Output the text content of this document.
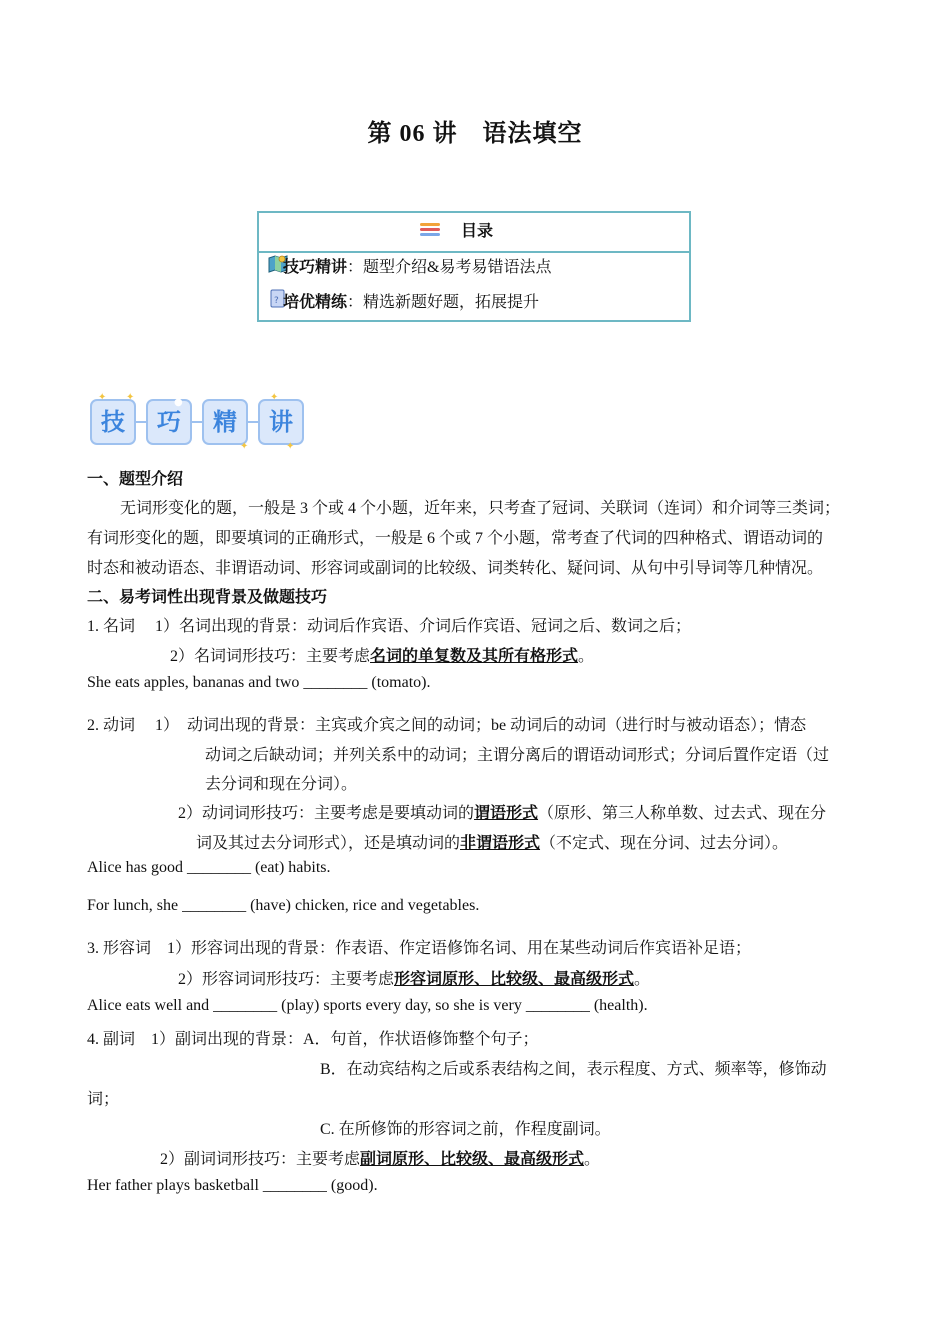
第 06 讲　语法填空
目录
技巧精讲：题型介绍&易考易错语法点
? 培优精练：精选新题好题，拓展提升
技	巧	精	讲
✦ ✦	●
✦
✦
✦
一、题型介绍
无词形变化的题，一般是 3 个或 4 个小题，近年来，只考查了冠词、关联词（连词）和介词等三类词；
有词形变化的题，即要填词的正确形式，一般是 6 个或 7 个小题，常考查了代词的四种格式、谓语动词的
时态和被动语态、非谓语动词、形容词或副词的比较级、词类转化、疑问词、从句中引导词等几种情况。
二、易考词性出现背景及做题技巧
1. 名词　 1）名词出现的背景：动词后作宾语、介词后作宾语、冠词之后、数词之后；
2）名词词形技巧：主要考虑名词的单复数及其所有格形式。
She eats apples, bananas and two ________ (tomato).
2. 动词　 1）　动词出现的背景：主宾或介宾之间的动词；be 动词后的动词（进行时与被动语态）；情态
动词之后缺动词；并列关系中的动词；主谓分离后的谓语动词形式；分词后置作定语（过
去分词和现在分词）。
2）动词词形技巧：主要考虑是要填动词的谓语形式（原形、第三人称单数、过去式、现在分
词及其过去分词形式），还是填动词的非谓语形式（不定式、现在分词、过去分词）。
Alice has good ________ (eat) habits.
For lunch, she ________ (have) chicken, rice and vegetables.
3. 形容词　1）形容词出现的背景：作表语、作定语修饰名词、用在某些动词后作宾语补足语；
2）形容词词形技巧：主要考虑形容词原形、比较级、最高级形式。
Alice eats well and ________ (play) sports every day, so she is very ________ (health).
4. 副词　1）副词出现的背景：A．句首，作状语修饰整个句子；
B．在动宾结构之后或系表结构之间，表示程度、方式、频率等，修饰动
词；
C. 在所修饰的形容词之前，作程度副词。
2）副词词形技巧：主要考虑副词原形、比较级、最高级形式。
Her father plays basketball ________ (good).
